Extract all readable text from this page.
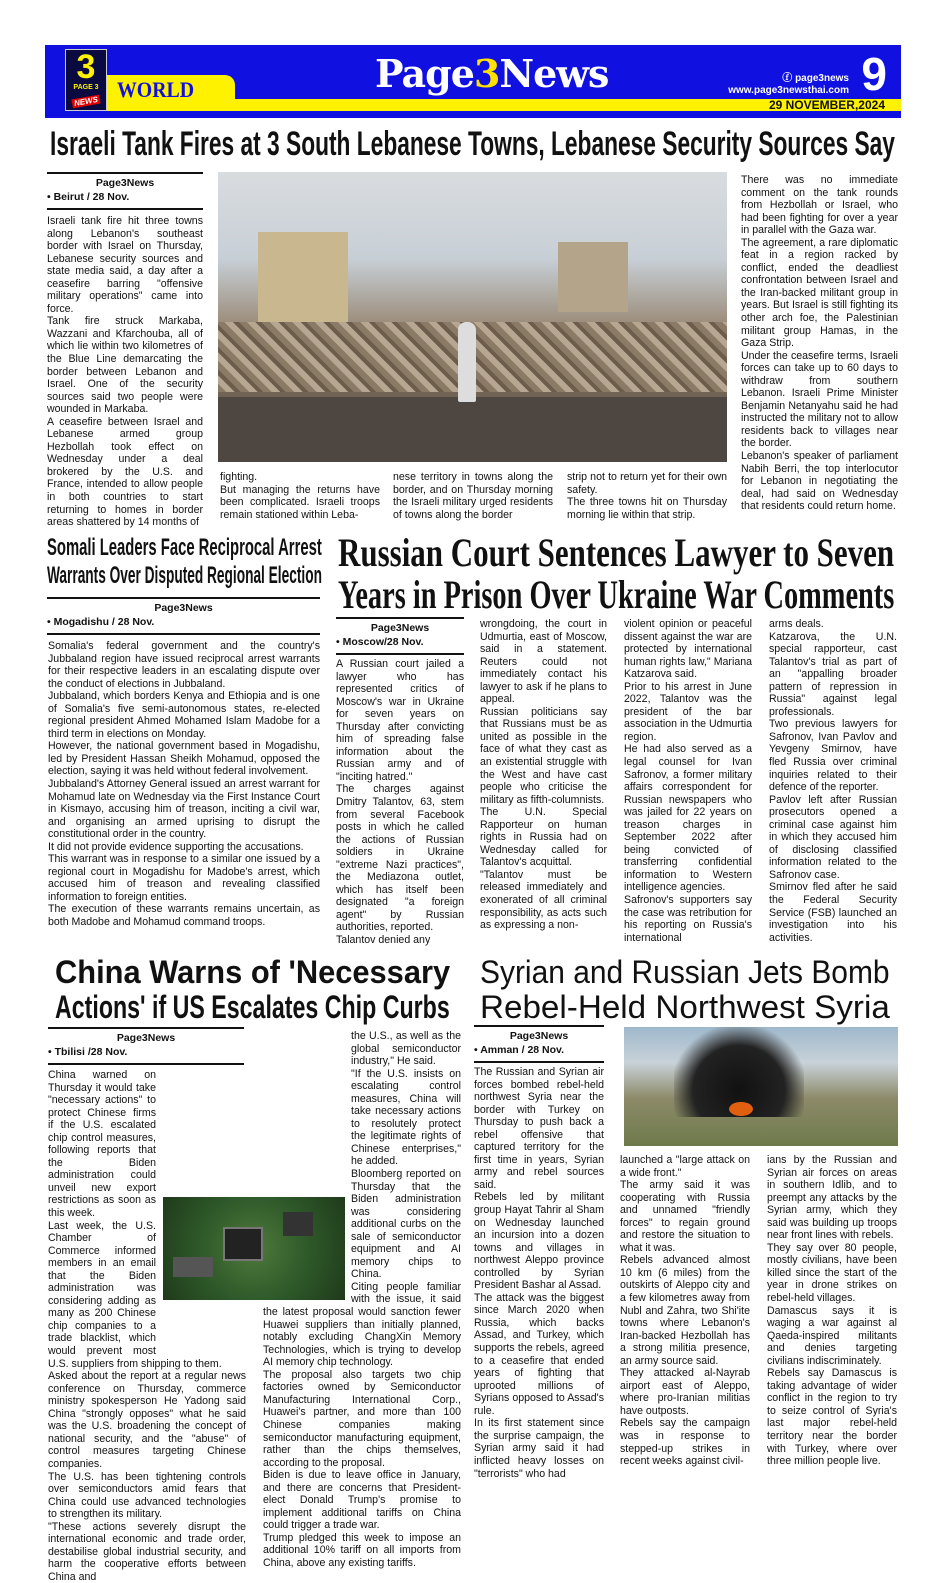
3
PAGE 3
NEWS WORLD	Page3News	ⓕ page3news
www.page3newsthai.com 9
29 NOVEMBER,2024
Israeli Tank Fires at 3 South Lebanese Towns, Lebanese Security Sources Say
Page3News
• Beirut / 28 Nov.

Israeli tank fire hit three towns along Lebanon's southeast border with Israel on Thursday, Lebanese security sources and state media said, a day after a ceasefire barring "offensive military operations" came into force.

Tank fire struck Markaba, Wazzani and Kfarchouba, all of which lie within two kilometres of the Blue Line demarcating the border between Lebanon and Israel. One of the security sources said two people were wounded in Markaba.

A ceasefire between Israel and Lebanese armed group Hezbollah took effect on Wednesday under a deal brokered by the U.S. and France, intended to allow people in both countries to start returning to homes in border areas shattered by 14 months of

fighting.

But managing the returns have been complicated. Israeli troops remain stationed within Leba-

nese territory in towns along the border, and on Thursday morning the Israeli military urged residents of towns along the border

strip not to return yet for their own safety.

The three towns hit on Thursday morning lie within that strip.

There was no immediate comment on the tank rounds from Hezbollah or Israel, who had been fighting for over a year in parallel with the Gaza war.

The agreement, a rare diplomatic feat in a region racked by conflict, ended the deadliest confrontation between Israel and the Iran-backed militant group in years. But Israel is still fighting its other arch foe, the Palestinian militant group Hamas, in the Gaza Strip.

Under the ceasefire terms, Israeli forces can take up to 60 days to withdraw from southern Lebanon. Israeli Prime Minister Benjamin Netanyahu said he had instructed the military not to allow residents back to villages near the border.

Lebanon's speaker of parliament Nabih Berri, the top interlocutor for Lebanon in negotiating the deal, had said on Wednesday that residents could return home.

Somali Leaders Face Reciprocal Arrest
Warrants Over Disputed Regional Election
Page3News
• Mogadishu / 28 Nov.

Somalia's federal government and the country's Jubbaland region have issued reciprocal arrest warrants for their respective leaders in an escalating dispute over the conduct of elections in Jubbaland.

Jubbaland, which borders Kenya and Ethiopia and is one of Somalia's five semi-autonomous states, re-elected regional president Ahmed Mohamed Islam Madobe for a third term in elections on Monday.

However, the national government based in Mogadishu, led by President Hassan Sheikh Mohamud, opposed the election, saying it was held without federal involvement.

Jubbaland's Attorney General issued an arrest warrant for Mohamud late on Wednesday via the First Instance Court in Kismayo, accusing him of treason, inciting a civil war, and organising an armed uprising to disrupt the constitutional order in the country.

It did not provide evidence supporting the accusations.

This warrant was in response to a similar one issued by a regional court in Mogadishu for Madobe's arrest, which accused him of treason and revealing classified information to foreign entities.

The execution of these warrants remains uncertain, as both Madobe and Mohamud command troops.

Russian Court Sentences Lawyer to Seven
Years in Prison Over Ukraine War Comments
Page3News
• Moscow/28 Nov.

A Russian court jailed a lawyer who has represented critics of Moscow's war in Ukraine for seven years on Thursday after convicting him of spreading false information about the Russian army and of "inciting hatred."

The charges against Dmitry Talantov, 63, stem from several Facebook posts in which he called the actions of Russian soldiers in Ukraine "extreme Nazi practices", the Mediazona outlet, which has itself been designated "a foreign agent" by Russian authorities, reported.

Talantov denied any

wrongdoing, the court in Udmurtia, east of Moscow, said in a statement. Reuters could not immediately contact his lawyer to ask if he plans to appeal.

Russian politicians say that Russians must be as united as possible in the face of what they cast as an existential struggle with the West and have cast people who criticise the military as fifth-columnists.

The U.N. Special Rapporteur on human rights in Russia had on Wednesday called for Talantov's acquittal.

"Talantov must be released immediately and exonerated of all criminal responsibility, as acts such as expressing a non-

violent opinion or peaceful dissent against the war are protected by international human rights law," Mariana Katzarova said.

Prior to his arrest in June 2022, Talantov was the president of the bar association in the Udmurtia region.

He had also served as a legal counsel for Ivan Safronov, a former military affairs correspondent for Russian newspapers who was jailed for 22 years on treason charges in September 2022 after being convicted of transferring confidential information to Western intelligence agencies.

Safronov's supporters say the case was retribution for his reporting on Russia's international

arms deals.

Katzarova, the U.N. special rapporteur, cast Talantov's trial as part of an "appalling broader pattern of repression in Russia" against legal professionals.

Two previous lawyers for Safronov, Ivan Pavlov and Yevgeny Smirnov, have fled Russia over criminal inquiries related to their defence of the reporter.

Pavlov left after Russian prosecutors opened a criminal case against him in which they accused him of disclosing classified information related to the Safronov case.

Smirnov fled after he said the Federal Security Service (FSB) launched an investigation into his activities.

China Warns of 'Necessary
Actions' if US Escalates Chip Curbs
Page3News
• Tbilisi /28 Nov.

China warned on Thursday it would take "necessary actions" to protect Chinese firms if the U.S. escalated chip control measures, following reports that the Biden administration could unveil new export restrictions as soon as this week.

Last week, the U.S. Chamber of Commerce informed members in an email that the Biden administration was considering adding as many as 200 Chinese chip companies to a trade blacklist, which would prevent most U.S. suppliers from shipping to them.

Asked about the report at a regular news conference on Thursday, commerce ministry spokesperson He Yadong said China "strongly opposes" what he said was the U.S. broadening the concept of national security, and the "abuse" of control measures targeting Chinese companies.

The U.S. has been tightening controls over semiconductors amid fears that China could use advanced technologies to strengthen its military.

"These actions severely disrupt the international economic and trade order, destabilise global industrial security, and harm the cooperative efforts between China and

the U.S., as well as the global semiconductor industry," He said.

"If the U.S. insists on escalating control measures, China will take necessary actions to resolutely protect the legitimate rights of Chinese enterprises," he added.

Bloomberg reported on Thursday that the Biden administration was considering additional curbs on the sale of semiconductor equipment and AI memory chips to China.

Citing people familiar with the issue, it said the latest proposal would sanction fewer Huawei suppliers than initially planned, notably excluding ChangXin Memory Technologies, which is trying to develop AI memory chip technology.

The proposal also targets two chip factories owned by Semiconductor Manufacturing International Corp., Huawei's partner, and more than 100 Chinese companies making semiconductor manufacturing equipment, rather than the chips themselves, according to the proposal.

Biden is due to leave office in January, and there are concerns that President-elect Donald Trump's promise to implement additional tariffs on China could trigger a trade war.

Trump pledged this week to impose an additional 10% tariff on all imports from China, above any existing tariffs.

Syrian and Russian Jets Bomb
Rebel-Held Northwest Syria
Page3News
• Amman / 28 Nov.

The Russian and Syrian air forces bombed rebel-held northwest Syria near the border with Turkey on Thursday to push back a rebel offensive that captured territory for the first time in years, Syrian army and rebel sources said.

Rebels led by militant group Hayat Tahrir al Sham on Wednesday launched an incursion into a dozen towns and villages in northwest Aleppo province controlled by Syrian President Bashar al Assad.

The attack was the biggest since March 2020 when Russia, which backs Assad, and Turkey, which supports the rebels, agreed to a ceasefire that ended years of fighting that uprooted millions of Syrians opposed to Assad's rule.

In its first statement since the surprise campaign, the Syrian army said it had inflicted heavy losses on "terrorists" who had

launched a "large attack on a wide front."

The army said it was cooperating with Russia and unnamed "friendly forces" to regain ground and restore the situation to what it was.

Rebels advanced almost 10 km (6 miles) from the outskirts of Aleppo city and a few kilometres away from Nubl and Zahra, two Shi'ite towns where Lebanon's Iran-backed Hezbollah has a strong militia presence, an army source said.

They attacked al-Nayrab airport east of Aleppo, where pro-Iranian militias have outposts.

Rebels say the campaign was in response to stepped-up strikes in recent weeks against civil-

ians by the Russian and Syrian air forces on areas in southern Idlib, and to preempt any attacks by the Syrian army, which they said was building up troops near front lines with rebels.

They say over 80 people, mostly civilians, have been killed since the start of the year in drone strikes on rebel-held villages.

Damascus says it is waging a war against al Qaeda-inspired militants and denies targeting civilians indiscriminately.

Rebels say Damascus is taking advantage of wider conflict in the region to try to seize control of Syria's last major rebel-held territory near the border with Turkey, where over three million people live.
